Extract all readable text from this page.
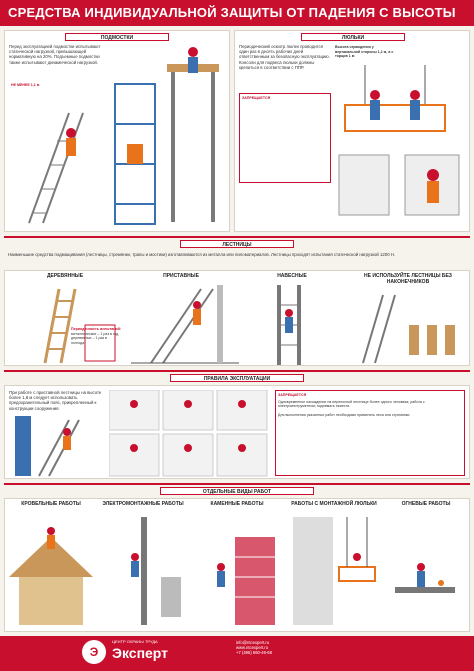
СРЕДСТВА ИНДИВИДУАЛЬНОЙ ЗАЩИТЫ ОТ ПАДЕНИЯ С ВЫСОТЫ
ПОДМОСТКИ
Перед эксплуатацией подмостки испытывают статической нагрузкой, превышающей нормативную на 20%. Подъемные подмостки также испытывают динамической нагрузкой.
НЕ МЕНЕЕ 1,1 м
ЛЮЛЬКИ
Периодический осмотр люлек проводится один раз в десять рабочих дней ответственным за безопасную эксплуатацию. Консоли для подвеса люльки должны крепиться в соответствии с ППР.
ЗАПРЕЩАЕТСЯ
Высота ограждения у вертикальной стороны 1,2 м, а с торцов 1 м
ЛЕСТНИЦЫ
Наименьшие средства подмащивания (лестницы, стремянки, трапы и мостики) изготавливаются из металла или пиломатериалов. Лестницы проходят испытания статической нагрузкой 1200 Н.
ДЕРЕВЯННЫЕ	ПРИСТАВНЫЕ	НАВЕСНЫЕ	НЕ ИСПОЛЬЗУЙТЕ ЛЕСТНИЦЫ БЕЗ НАКОНЕЧНИКОВ
Периодичность испытаний:
металлические – 1 раз в год,
деревянные – 1 раз в полгода.
ПРАВИЛА ЭКСПЛУАТАЦИИ
При работе с приставной лестницы на высоте более 1,8 м следует использовать предохранительный пояс, прикрепленный к конструкции сооружения.
ЗАПРЕЩАЕТСЯ
Одновременное нахождение на переносной лестнице более одного человека; работа с электроинструментом; поднимать тяжести.
Для выполнения указанных работ необходимо применять леса или стремянки.
ОТДЕЛЬНЫЕ ВИДЫ РАБОТ
КРОВЕЛЬНЫЕ РАБОТЫ	ЭЛЕКТРОМОНТАЖНЫЕ РАБОТЫ	КАМЕННЫЕ РАБОТЫ	РАБОТЫ С МОНТАЖНОЙ ЛЮЛЬКИ	ОГНЕВЫЕ РАБОТЫ
Э
ЦЕНТР ОХРАНЫ ТРУДА
Эксперт
info@ntcexpert.ru
www.ntcexpert.ru
+7 (495) 660-46-68
